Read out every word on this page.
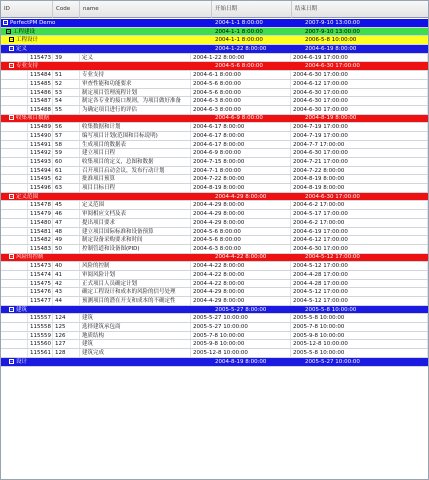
ID	Code	name	开始日期	结束日期
− PerfectPM Demo	2004-1-1 8:00:00	2007-9-10 13:00:00
− 工程建设	2004-1-1 8:00:00	2007-9-10 13:00:00
− 工程设计	2004-1-1 8:00:00	2006-5-8 10:00:00
− 定义	2004-1-22 8:00:00	2004-6-19 8:00:00
115473 39	定义	2004-1-22 8:00:00	2004-6-19 17:00:00
− 专业支持	2004-5-6 8:00:00	2004-6-30 17:00:00
115484 51	专业支持	2004-6-1 8:00:00	2004-6-30 17:00:00
115485 52	审查性能和功能要求	2004-5-6 8:00:00	2004-6-12 17:00:00
115486 53	制定项目管理流程计划	2004-5-6 8:00:00	2004-6-30 17:00:00
115487 54	制定各专业的接口规则，为项目做好准备	2004-6-3 8:00:00	2004-6-30 17:00:00
115488 55	为确定项目进行的评估	2004-6-3 8:00:00	2004-6-30 17:00:00
− 收集项目数据	2004-6-9 8:00:00	2004-8-19 8:00:00
115489 56	收集数据和计划	2004-6-17 8:00:00	2004-7-19 17:00:00
115490 57	编写项目计划(范围和目标说明)	2004-6-17 8:00:00	2004-7-19 17:00:00
115491 58	生成项目的数据表	2004-6-17 8:00:00	2004-7-7 17:00:00
115492 59	建立项目日程	2004-6-9 8:00:00	2004-6-30 17:00:00
115493 60	收集项目的定义，总图和数据	2004-7-15 8:00:00	2004-7-21 17:00:00
115494 61	召开项目启动会议，发布行动计划	2004-7-1 8:00:00	2004-7-22 8:00:00
115495 62	批准项目预算	2004-7-22 8:00:00	2004-8-19 8:00:00
115496 63	项目目标日程	2004-8-19 8:00:00	2004-8-19 8:00:00
− 定义范围	2004-4-29 8:00:00	2004-6-30 17:00:00
115478 45	定义范围	2004-4-29 8:00:00	2004-6-2 17:00:00
115479 46	审阅相应文档及表	2004-4-29 8:00:00	2004-5-17 17:00:00
115480 47	提出项目要求	2004-4-29 8:00:00	2004-6-2 17:00:00
115481 48	建立项目国际标准和设备预算	2004-5-6 8:00:00	2004-6-19 17:00:00
115482 49	制定设备采购要求和时间	2004-5-6 8:00:00	2004-6-12 17:00:00
115483 50	控制管道和设备图(PID)	2004-6-3 8:00:00	2004-6-30 17:00:00
− 风险的控制	2004-4-22 8:00:00	2004-5-12 17:00:00
115473 40	风险的控制	2004-4-22 8:00:00	2004-5-12 17:00:00
115474 41	审阅风险计划	2004-4-22 8:00:00	2004-4-28 17:00:00
115475 42	正式项目人员确定计划	2004-4-22 8:00:00	2004-4-28 17:00:00
115476 43	确定工程设计和成本的风险的信号处理	2004-4-29 8:00:00	2004-5-12 17:00:00
115477 44	预测项目的潜在开支和成本的不确定性	2004-4-29 8:00:00	2004-5-12 17:00:00
− 建筑	2005-5-27 8:00:00	2005-5-8 10:00:00
115557 124	建筑	2005-5-27 10:00:00	2005-5-8 10:00:00
115558 125	选择建筑承包商	2005-5-27 10:00:00	2005-7-8 10:00:00
115559 126	地质结构	2005-7-8 10:00:00	2005-9-8 10:00:00
115560 127	建筑	2005-9-8 10:00:00	2005-12-8 10:00:00
115561 128	建筑完成	2005-12-8 10:00:00	2005-5-8 10:00:00
− 设计	2004-8-19 8:00:00	2005-5-27 10:00:00
